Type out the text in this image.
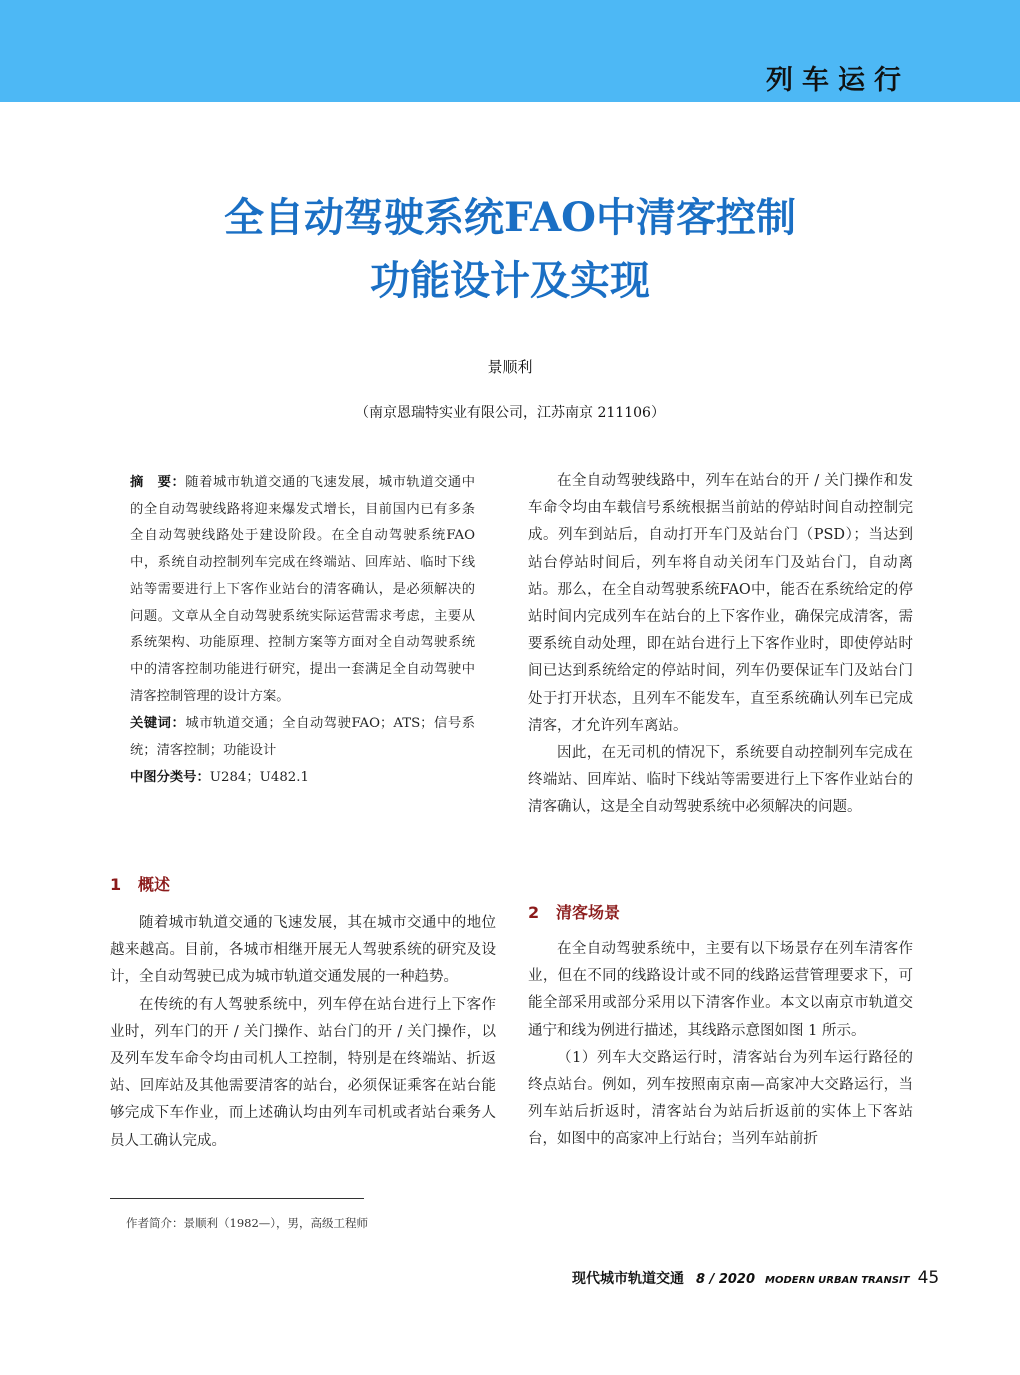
列车运行
全自动驾驶系统FAO中清客控制
功能设计及实现
景顺利
（南京恩瑞特实业有限公司，江苏南京 211106）
摘　要：随着城市轨道交通的飞速发展，城市轨道交通中的全自动驾驶线路将迎来爆发式增长，目前国内已有多条全自动驾驶线路处于建设阶段。在全自动驾驶系统FAO中，系统自动控制列车完成在终端站、回库站、临时下线站等需要进行上下客作业站台的清客确认，是必须解决的问题。文章从全自动驾驶系统实际运营需求考虑，主要从系统架构、功能原理、控制方案等方面对全自动驾驶系统中的清客控制功能进行研究，提出一套满足全自动驾驶中清客控制管理的设计方案。
关键词：城市轨道交通；全自动驾驶FAO；ATS；信号系统；清客控制；功能设计
中图分类号：U284；U482.1
1 概述

随着城市轨道交通的飞速发展，其在城市交通中的地位越来越高。目前，各城市相继开展无人驾驶系统的研究及设计，全自动驾驶已成为城市轨道交通发展的一种趋势。

在传统的有人驾驶系统中，列车停在站台进行上下客作业时，列车门的开 / 关门操作、站台门的开 / 关门操作，以及列车发车命令均由司机人工控制，特别是在终端站、折返站、回库站及其他需要清客的站台，必须保证乘客在站台能够完成下车作业，而上述确认均由列车司机或者站台乘务人员人工确认完成。

在全自动驾驶线路中，列车在站台的开 / 关门操作和发车命令均由车载信号系统根据当前站的停站时间自动控制完成。列车到站后，自动打开车门及站台门（PSD）；当达到站台停站时间后，列车将自动关闭车门及站台门，自动离站。那么，在全自动驾驶系统FAO中，能否在系统给定的停站时间内完成列车在站台的上下客作业，确保完成清客，需要系统自动处理，即在站台进行上下客作业时，即使停站时间已达到系统给定的停站时间，列车仍要保证车门及站台门处于打开状态，且列车不能发车，直至系统确认列车已完成清客，才允许列车离站。

因此，在无司机的情况下，系统要自动控制列车完成在终端站、回库站、临时下线站等需要进行上下客作业站台的清客确认，这是全自动驾驶系统中必须解决的问题。

2 清客场景

在全自动驾驶系统中，主要有以下场景存在列车清客作业，但在不同的线路设计或不同的线路运营管理要求下，可能全部采用或部分采用以下清客作业。本文以南京市轨道交通宁和线为例进行描述，其线路示意图如图 1 所示。

（1）列车大交路运行时，清客站台为列车运行路径的终点站台。例如，列车按照南京南—高家冲大交路运行，当列车站后折返时，清客站台为站后折返前的实体上下客站台，如图中的高家冲上行站台；当列车站前折

作者简介：景顺利（1982—），男，高级工程师
现代城市轨道交通 8 / 2020 MODERN URBAN TRANSIT 45
